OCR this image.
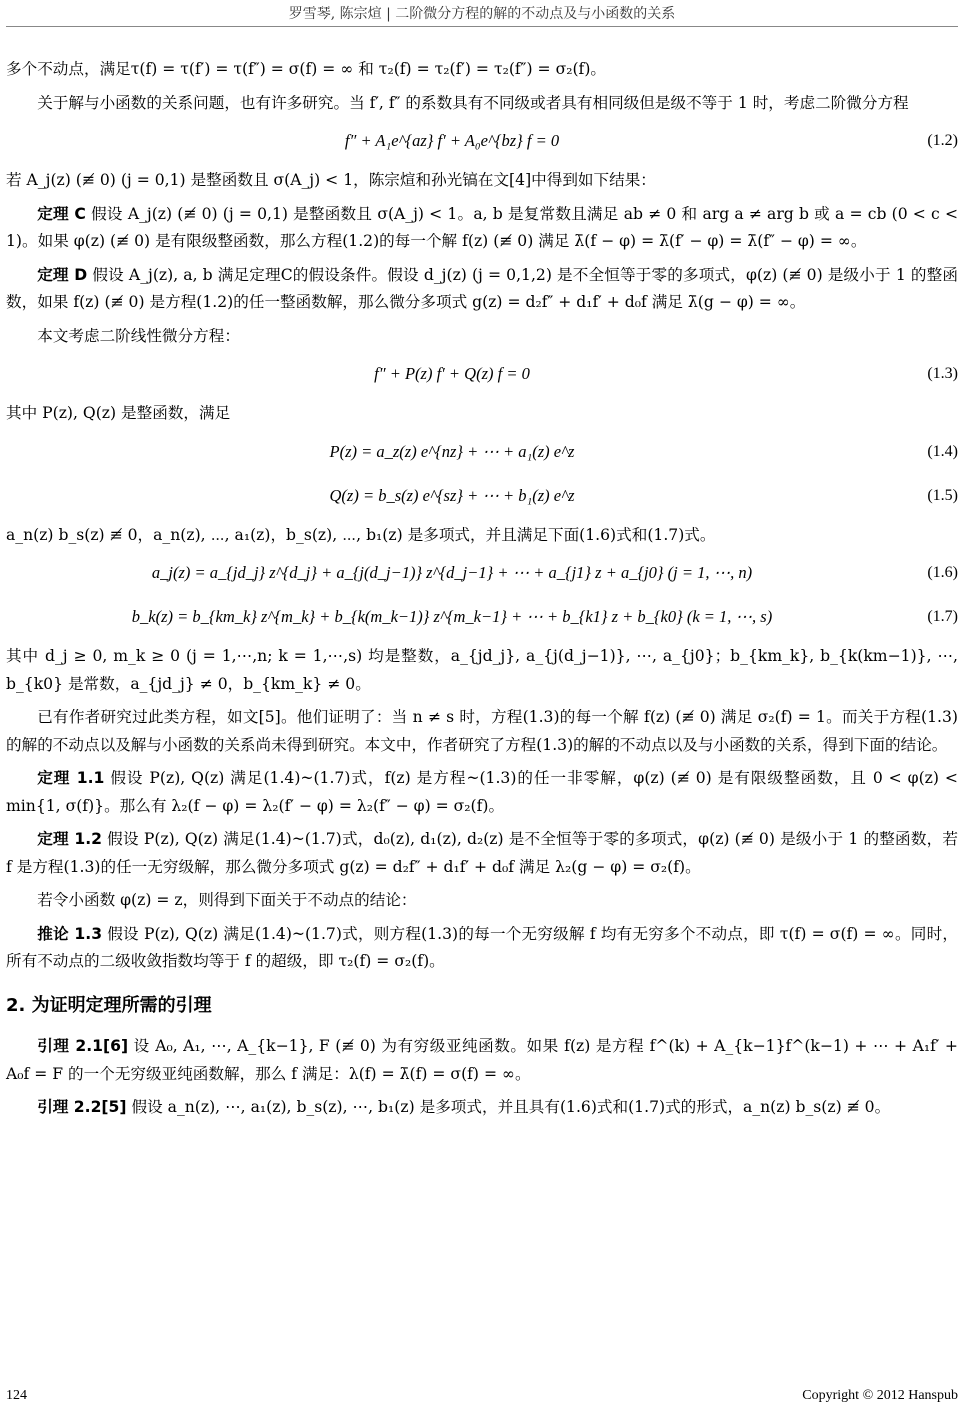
罗雪琴, 陈宗煊 | 二阶微分方程的解的不动点及与小函数的关系

多个不动点，满足τ(f) = τ(f′) = τ(f″) = σ(f) = ∞ 和 τ₂(f) = τ₂(f′) = τ₂(f″) = σ₂(f)。

关于解与小函数的关系问题，也有许多研究。当 f′, f″ 的系数具有不同级或者具有相同级但是级不等于 1 时，考虑二阶微分方程

f″ + A₁e^{az} f′ + A₀e^{bz} f = 0	(1.2)

若 A_j(z) (≢ 0) (j = 0,1) 是整函数且 σ(A_j) < 1，陈宗煊和孙光镐在文[4]中得到如下结果：

定理 C 假设 A_j(z) (≢ 0) (j = 0,1) 是整函数且 σ(A_j) < 1。a, b 是复常数且满足 ab ≠ 0 和 arg a ≠ arg b 或 a = cb (0 < c < 1)。如果 φ(z) (≢ 0) 是有限级整函数，那么方程(1.2)的每一个解 f(z) (≢ 0) 满足 λ̄(f − φ) = λ̄(f′ − φ) = λ̄(f″ − φ) = ∞。

定理 D 假设 A_j(z), a, b 满足定理C的假设条件。假设 d_j(z) (j = 0,1,2) 是不全恒等于零的多项式，φ(z) (≢ 0) 是级小于 1 的整函数，如果 f(z) (≢ 0) 是方程(1.2)的任一整函数解，那么微分多项式 g(z) = d₂f″ + d₁f′ + d₀f 满足 λ̄(g − φ) = ∞。

本文考虑二阶线性微分方程：

f″ + P(z) f′ + Q(z) f = 0	(1.3)

其中 P(z), Q(z) 是整函数，满足

P(z) = a_z(z) e^{nz} + ⋯ + a₁(z) e^z	(1.4)
Q(z) = b_s(z) e^{sz} + ⋯ + b₁(z) e^z	(1.5)

a_n(z) b_s(z) ≢ 0，a_n(z), ⋯, a₁(z)，b_s(z), ⋯, b₁(z) 是多项式，并且满足下面(1.6)式和(1.7)式。

a_j(z) = a_{jd_j} z^{d_j} + a_{j(d_j−1)} z^{d_j−1} + ⋯ + a_{j1} z + a_{j0} (j = 1, ⋯, n)	(1.6)
b_k(z) = b_{km_k} z^{m_k} + b_{k(m_k−1)} z^{m_k−1} + ⋯ + b_{k1} z + b_{k0} (k = 1, ⋯, s)	(1.7)

其中 d_j ≥ 0, m_k ≥ 0 (j = 1,⋯,n; k = 1,⋯,s) 均是整数，a_{jd_j}, a_{j(d_j−1)}, ⋯, a_{j0}；b_{km_k}, b_{k(km−1)}, ⋯, b_{k0} 是常数，a_{jd_j} ≠ 0，b_{km_k} ≠ 0。

已有作者研究过此类方程，如文[5]。他们证明了：当 n ≠ s 时，方程(1.3)的每一个解 f(z) (≢ 0) 满足 σ₂(f) = 1。而关于方程(1.3)的解的不动点以及解与小函数的关系尚未得到研究。本文中，作者研究了方程(1.3)的解的不动点以及与小函数的关系，得到下面的结论。

定理 1.1 假设 P(z), Q(z) 满足(1.4)~(1.7)式，f(z) 是方程~(1.3)的任一非零解，φ(z) (≢ 0) 是有限级整函数，且 0 < φ(z) < min{1, σ(f)}。那么有 λ₂(f − φ) = λ₂(f′ − φ) = λ₂(f″ − φ) = σ₂(f)。

定理 1.2 假设 P(z), Q(z) 满足(1.4)~(1.7)式，d₀(z), d₁(z), d₂(z) 是不全恒等于零的多项式，φ(z) (≢ 0) 是级小于 1 的整函数，若 f 是方程(1.3)的任一无穷级解，那么微分多项式 g(z) = d₂f″ + d₁f′ + d₀f 满足 λ₂(g − φ) = σ₂(f)。

若令小函数 φ(z) = z，则得到下面关于不动点的结论：

推论 1.3 假设 P(z), Q(z) 满足(1.4)~(1.7)式，则方程(1.3)的每一个无穷级解 f 均有无穷多个不动点，即 τ(f) = σ(f) = ∞。同时，所有不动点的二级收敛指数均等于 f 的超级，即 τ₂(f) = σ₂(f)。

2. 为证明定理所需的引理

引理 2.1[6] 设 A₀, A₁, ⋯, A_{k−1}, F (≢ 0) 为有穷级亚纯函数。如果 f(z) 是方程 f^(k) + A_{k−1}f^(k−1) + ⋯ + A₁f′ + A₀f = F 的一个无穷级亚纯函数解，那么 f 满足：λ(f) = λ̄(f) = σ(f) = ∞。

引理 2.2[5] 假设 a_n(z), ⋯, a₁(z), b_s(z), ⋯, b₁(z) 是多项式，并且具有(1.6)式和(1.7)式的形式，a_n(z) b_s(z) ≢ 0。

124	Copyright © 2012 Hanspub
